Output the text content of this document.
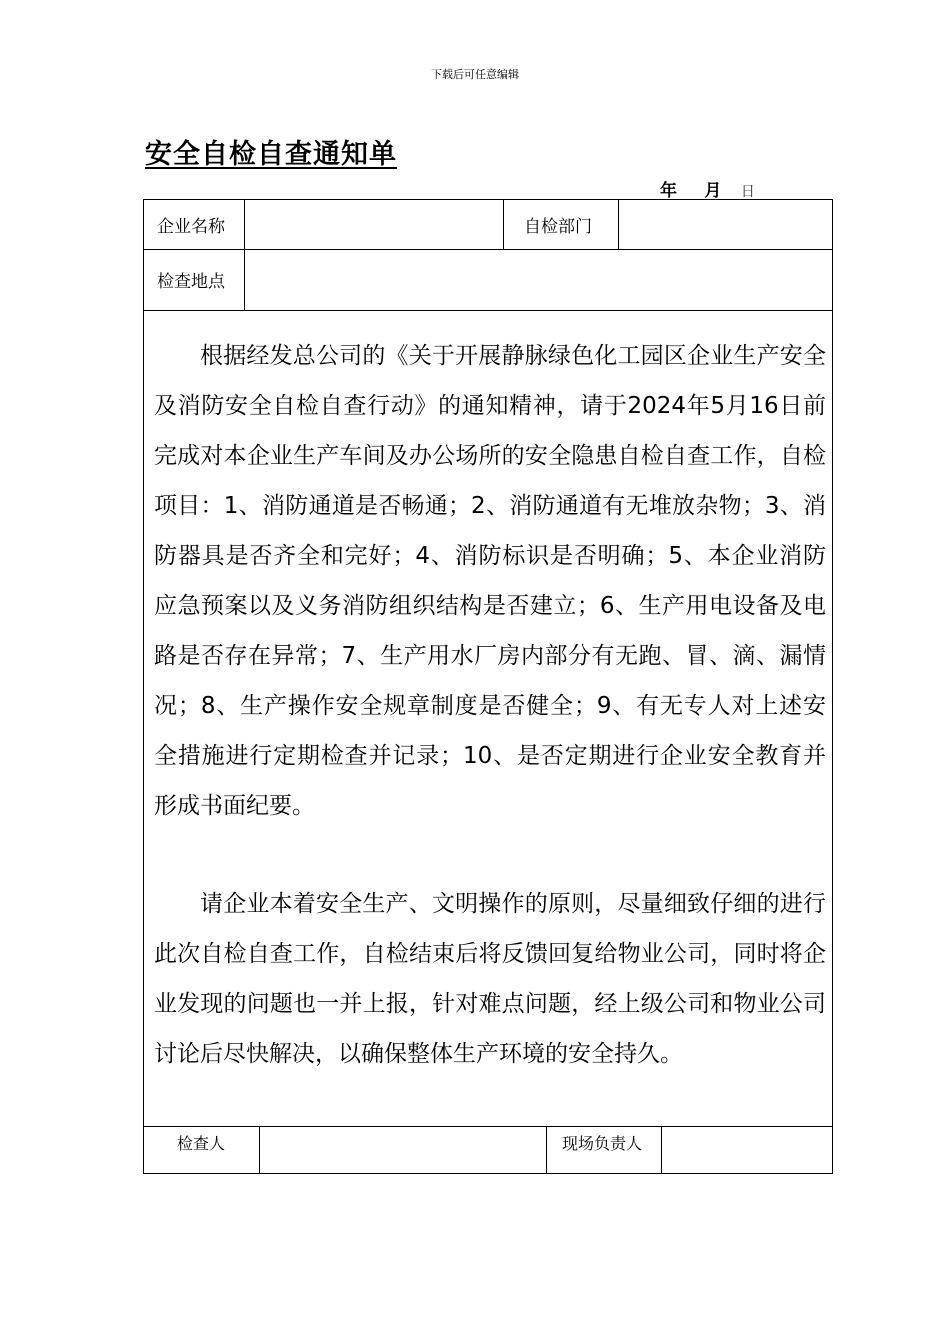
下载后可任意编辑
安全自检自查通知单
年 月 日
企业名称	自检部门
检查地点

根据经发总公司的《关于开展静脉绿色化工园区企业生产安全及消防安全自检自查行动》的通知精神，请于2024年5月16日前完成对本企业生产车间及办公场所的安全隐患自检自查工作，自检项目：1、消防通道是否畅通；2、消防通道有无堆放杂物；3、消防器具是否齐全和完好；4、消防标识是否明确；5、本企业消防应急预案以及义务消防组织结构是否建立；6、生产用电设备及电路是否存在异常；7、生产用水厂房内部分有无跑、冒、滴、漏情况；8、生产操作安全规章制度是否健全；9、有无专人对上述安全措施进行定期检查并记录；10、是否定期进行企业安全教育并形成书面纪要。

请企业本着安全生产、文明操作的原则，尽量细致仔细的进行此次自检自查工作，自检结束后将反馈回复给物业公司，同时将企业发现的问题也一并上报，针对难点问题，经上级公司和物业公司讨论后尽快解决，以确保整体生产环境的安全持久。

检查人	现场负责人
